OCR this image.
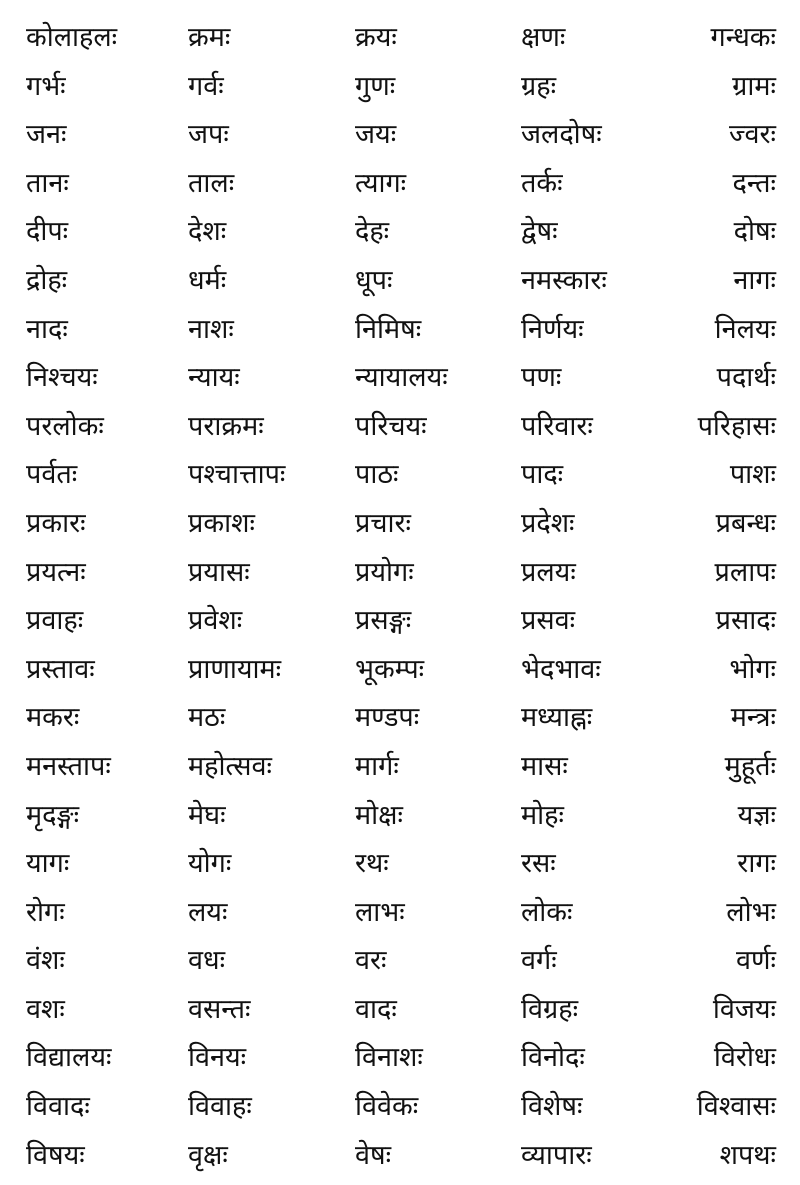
कोलाहलः	क्रमः	क्रयः	क्षणः	गन्धकः
गर्भः	गर्वः	गुणः	ग्रहः	ग्रामः
जनः	जपः	जयः	जलदोषः	ज्वरः
तानः	तालः	त्यागः	तर्कः	दन्तः
दीपः	देशः	देहः	द्वेषः	दोषः
द्रोहः	धर्मः	धूपः	नमस्कारः	नागः
नादः	नाशः	निमिषः	निर्णयः	निलयः
निश्चयः	न्यायः	न्यायालयः	पणः	पदार्थः
परलोकः	पराक्रमः	परिचयः	परिवारः	परिहासः
पर्वतः	पश्चात्तापः	पाठः	पादः	पाशः
प्रकारः	प्रकाशः	प्रचारः	प्रदेशः	प्रबन्धः
प्रयत्नः	प्रयासः	प्रयोगः	प्रलयः	प्रलापः
प्रवाहः	प्रवेशः	प्रसङ्गः	प्रसवः	प्रसादः
प्रस्तावः	प्राणायामः	भूकम्पः	भेदभावः	भोगः
मकरः	मठः	मण्डपः	मध्याह्नः	मन्त्रः
मनस्तापः	महोत्सवः	मार्गः	मासः	मुहूर्तः
मृदङ्गः	मेघः	मोक्षः	मोहः	यज्ञः
यागः	योगः	रथः	रसः	रागः
रोगः	लयः	लाभः	लोकः	लोभः
वंशः	वधः	वरः	वर्गः	वर्णः
वशः	वसन्तः	वादः	विग्रहः	विजयः
विद्यालयः	विनयः	विनाशः	विनोदः	विरोधः
विवादः	विवाहः	विवेकः	विशेषः	विश्वासः
विषयः	वृक्षः	वेषः	व्यापारः	शपथः
